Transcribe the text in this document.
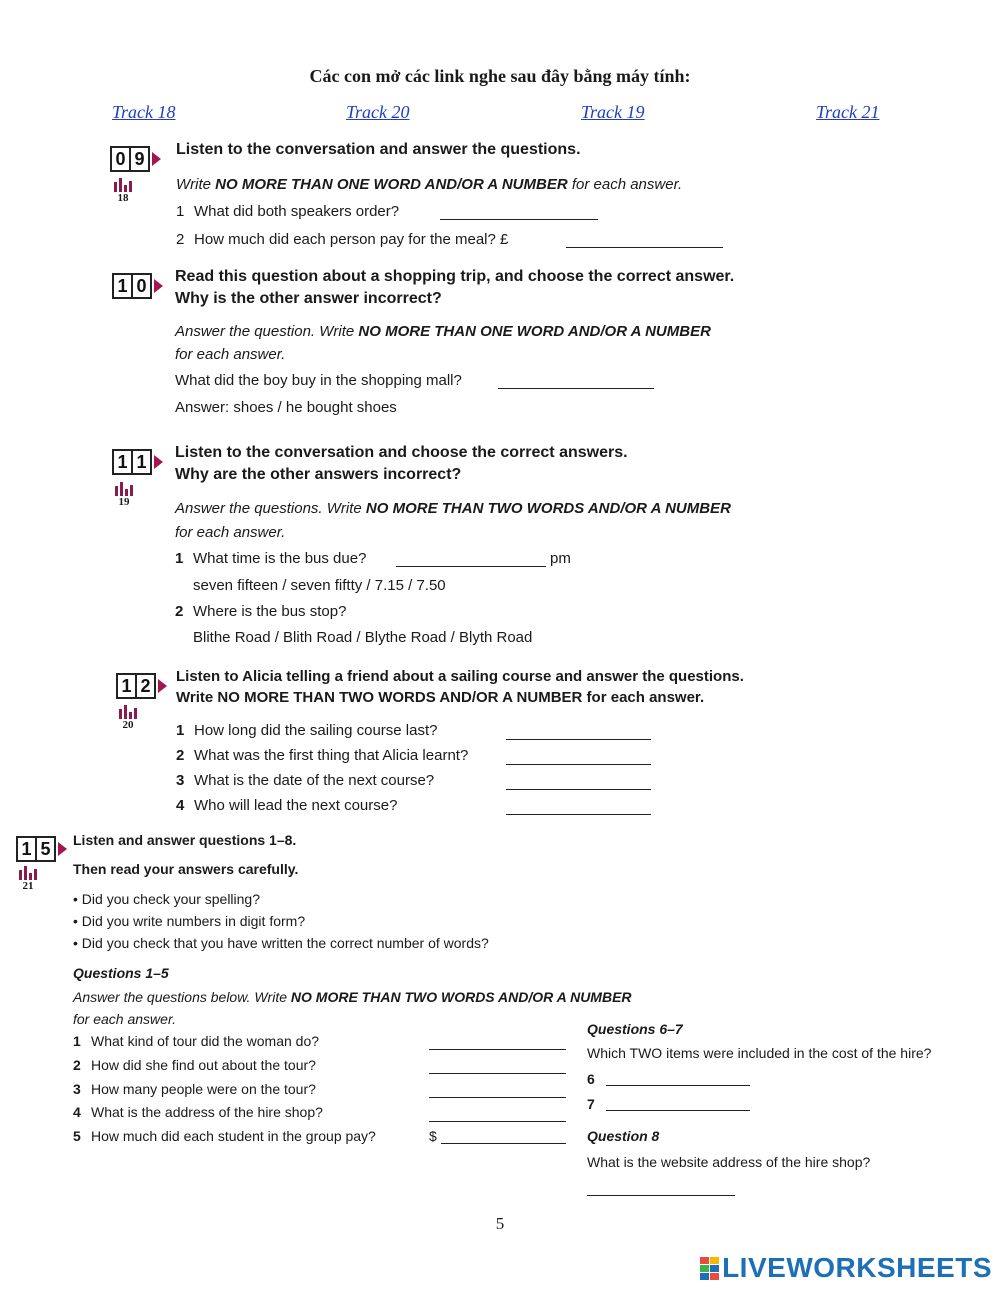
Các con mở các link nghe sau đây bằng máy tính:
Track 18	Track 20	Track 19	Track 21
0 9
18
Listen to the conversation and answer the questions.
Write NO MORE THAN ONE WORD AND/OR A NUMBER for each answer.
1 What did both speakers order?
2 How much did each person pay for the meal? £
1 0 Read this question about a shopping trip, and choose the correct answer.
Why is the other answer incorrect?
Answer the question. Write NO MORE THAN ONE WORD AND/OR A NUMBER
for each answer.
What did the boy buy in the shopping mall?
Answer: shoes / he bought shoes
1 1
19
Listen to the conversation and choose the correct answers.
Why are the other answers incorrect?
Answer the questions. Write NO MORE THAN TWO WORDS AND/OR A NUMBER
for each answer.
1 What time is the bus due?	pm
seven fifteen / seven fiftty / 7.15 / 7.50
2 Where is the bus stop?
Blithe Road / Blith Road / Blythe Road / Blyth Road
1 2
20
Listen to Alicia telling a friend about a sailing course and answer the questions.
Write NO MORE THAN TWO WORDS AND/OR A NUMBER for each answer.
1 How long did the sailing course last?
2 What was the first thing that Alicia learnt?
3 What is the date of the next course?
4 Who will lead the next course?
1 5
21
Listen and answer questions 1–8.
Then read your answers carefully.
• Did you check your spelling?
• Did you write numbers in digit form?
• Did you check that you have written the correct number of words?
Questions 1–5
Answer the questions below. Write NO MORE THAN TWO WORDS AND/OR A NUMBER
for each answer.
1 What kind of tour did the woman do?
2 How did she find out about the tour?
3 How many people were on the tour?
4 What is the address of the hire shop?
5 How much did each student in the group pay?	$
Questions 6–7
Which TWO items were included in the cost of the hire?
6
7
Question 8
What is the website address of the hire shop?
5
LIVEWORKSHEETS
